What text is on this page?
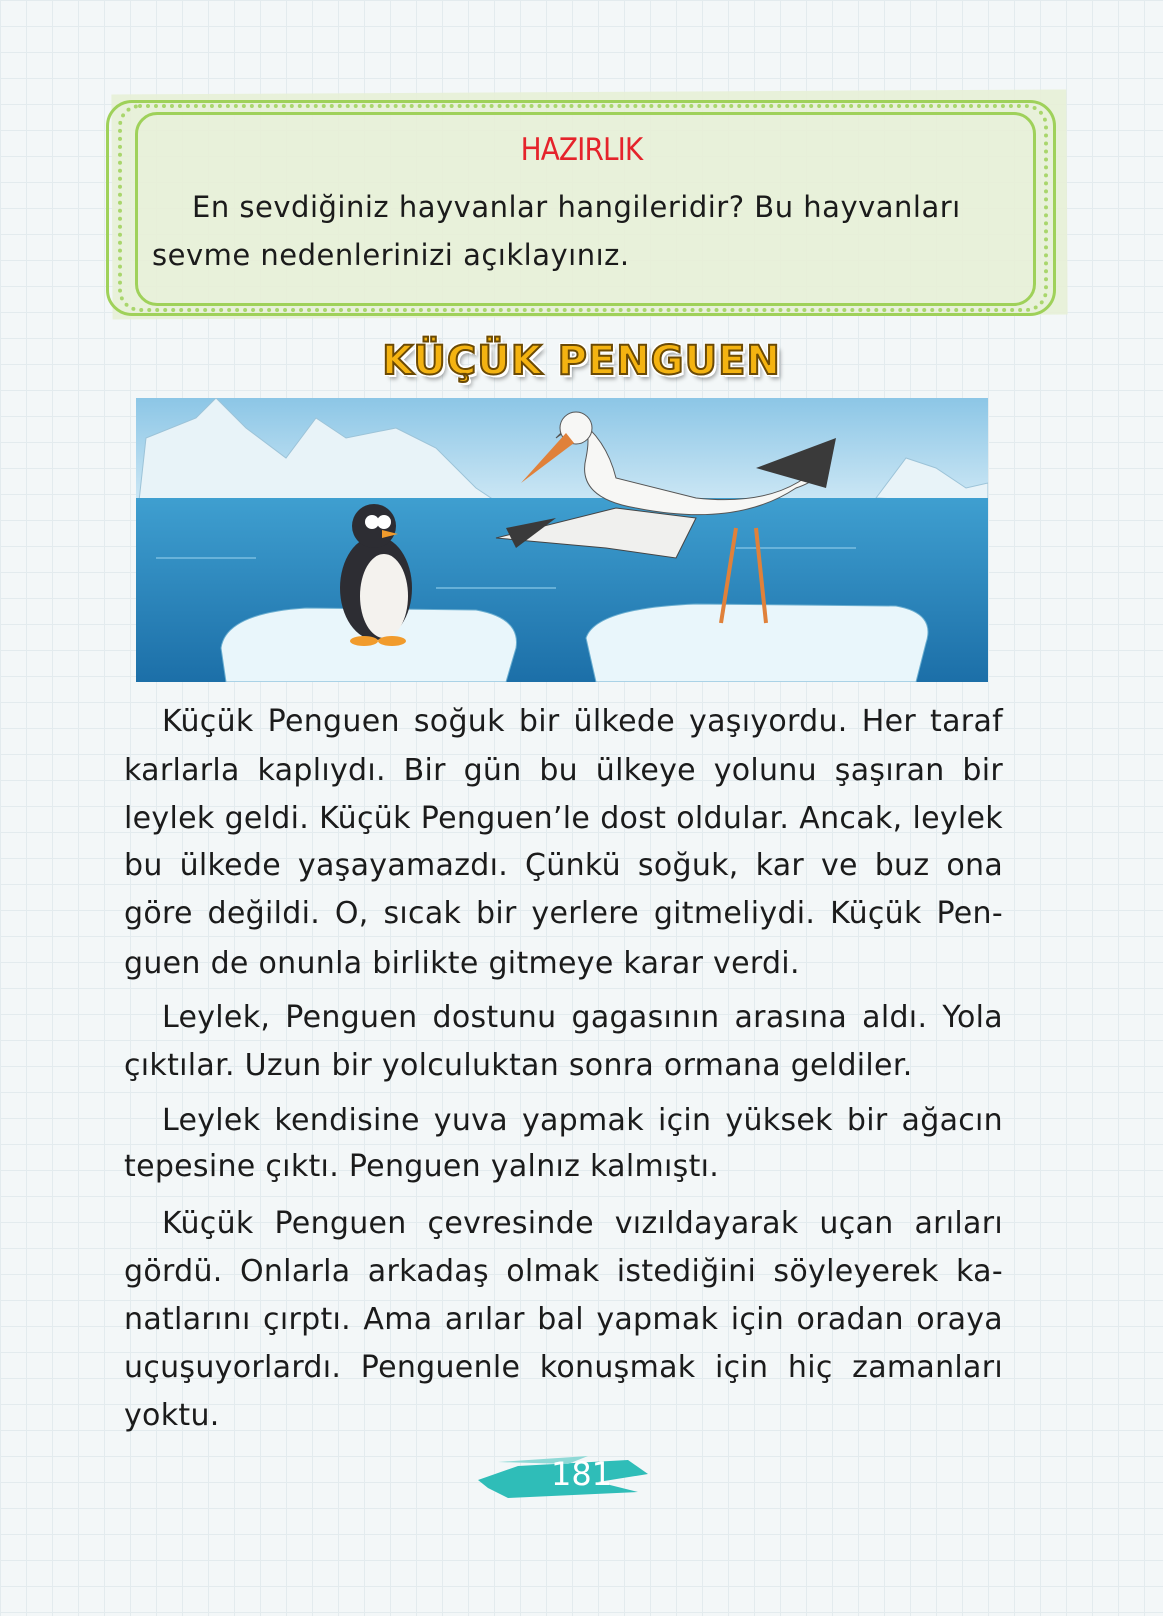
HAZIRLIK
En sevdiğiniz hayvanlar hangileridir? Bu hayvanları
sevme nedenlerinizi açıklayınız.
KÜÇÜK PENGUEN
Küçük Penguen soğuk bir ülkede yaşıyordu. Her taraf
karlarla kaplıydı. Bir gün bu ülkeye yolunu şaşıran bir
leylek geldi. Küçük Penguen’le dost oldular. Ancak, leylek
bu ülkede yaşayamazdı. Çünkü soğuk, kar ve buz ona
göre değildi. O, sıcak bir yerlere gitmeliydi. Küçük Pen-
guen de onunla birlikte gitmeye karar verdi.
Leylek, Penguen dostunu gagasının arasına aldı. Yola
çıktılar. Uzun bir yolculuktan sonra ormana geldiler.
Leylek kendisine yuva yapmak için yüksek bir ağacın
tepesine çıktı. Penguen yalnız kalmıştı.
Küçük Penguen çevresinde vızıldayarak uçan arıları
gördü. Onlarla arkadaş olmak istediğini söyleyerek ka-
natlarını çırptı. Ama arılar bal yapmak için oradan oraya
uçuşuyorlardı. Penguenle konuşmak için hiç zamanları
yoktu.
181
